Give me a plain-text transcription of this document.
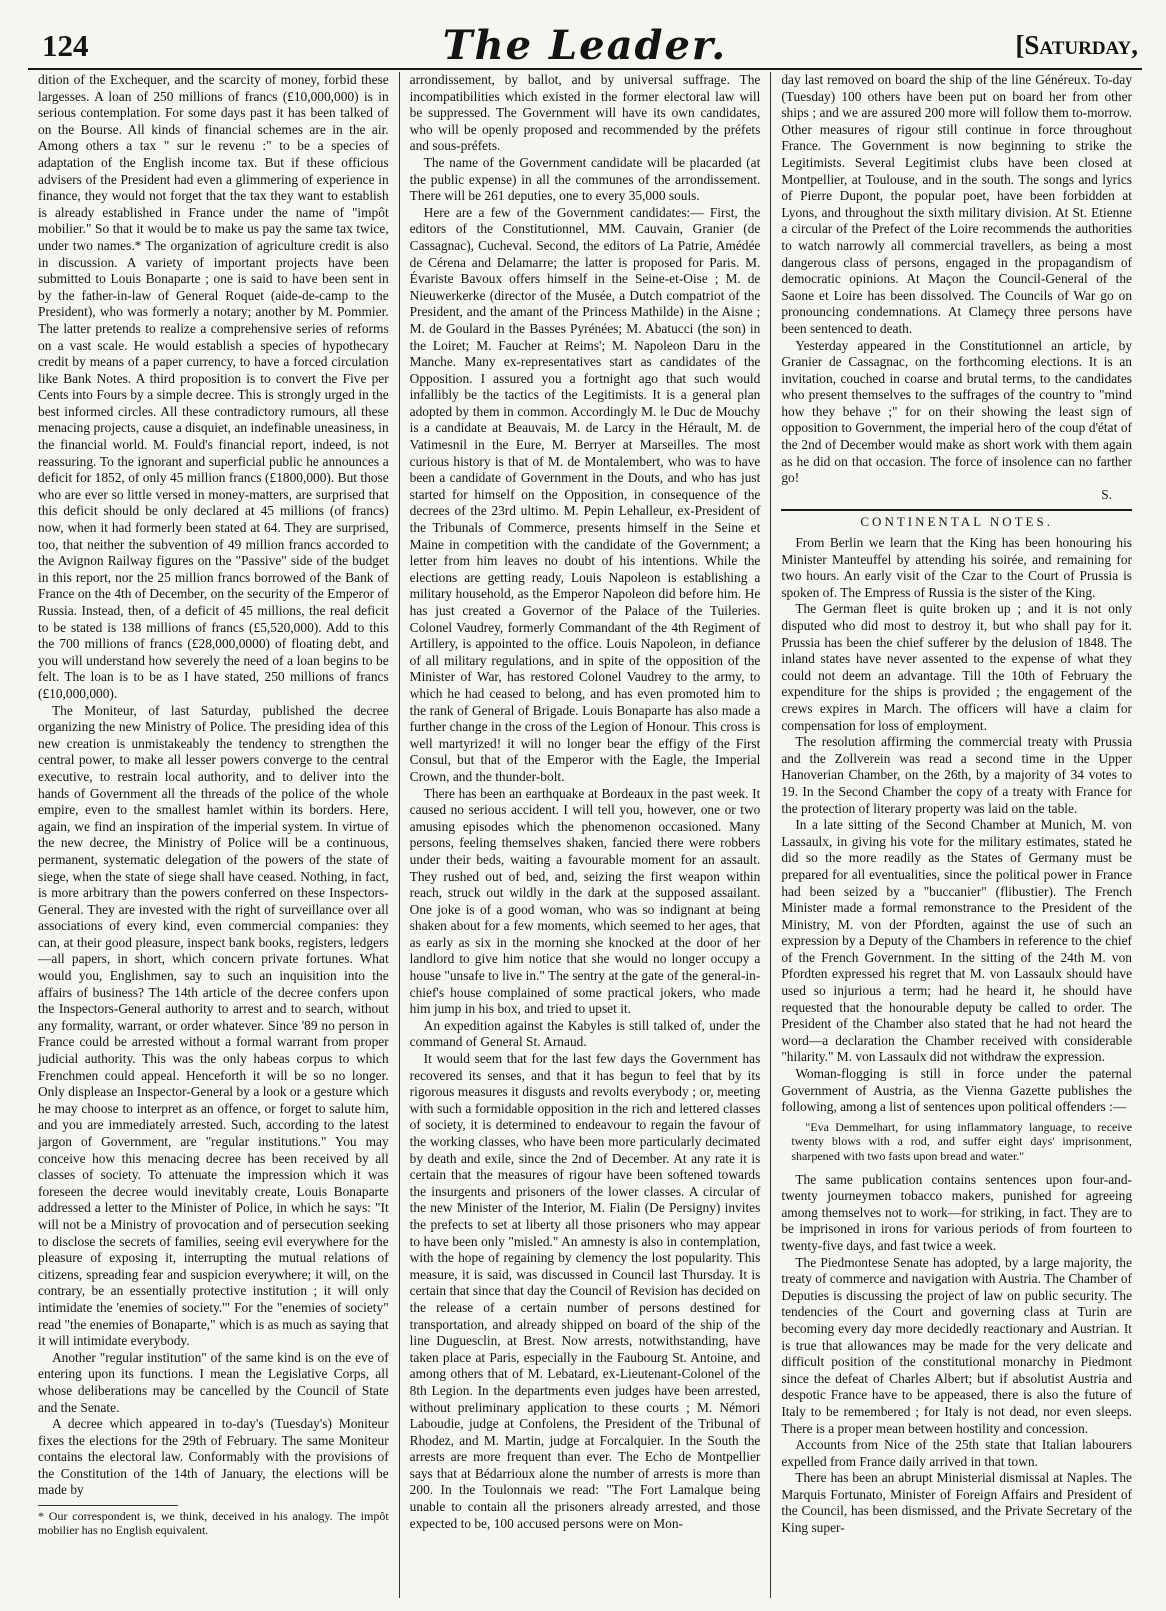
124	The Leader.	[Saturday,

dition of the Exchequer, and the scarcity of money, forbid these largesses. A loan of 250 millions of francs (£10,000,000) is in serious contemplation. For some days past it has been talked of on the Bourse. All kinds of financial schemes are in the air. Among others a tax " sur le revenu :" to be a species of adaptation of the English income tax. But if these officious advisers of the President had even a glimmering of experience in finance, they would not forget that the tax they want to establish is already established in France under the name of "impôt mobilier." So that it would be to make us pay the same tax twice, under two names.* The organization of agriculture credit is also in discussion. A variety of important projects have been submitted to Louis Bonaparte ; one is said to have been sent in by the father-in-law of General Roquet (aide-de-camp to the President), who was formerly a notary; another by M. Pommier. The latter pretends to realize a comprehensive series of reforms on a vast scale. He would establish a species of hypothecary credit by means of a paper currency, to have a forced circulation like Bank Notes. A third proposition is to convert the Five per Cents into Fours by a simple decree. This is strongly urged in the best informed circles. All these contradictory rumours, all these menacing projects, cause a disquiet, an indefinable uneasiness, in the financial world. M. Fould's financial report, indeed, is not reassuring. To the ignorant and superficial public he announces a deficit for 1852, of only 45 million francs (£1800,000). But those who are ever so little versed in money-matters, are surprised that this deficit should be only declared at 45 millions (of francs) now, when it had formerly been stated at 64. They are surprised, too, that neither the subvention of 49 million francs accorded to the Avignon Railway figures on the "Passive" side of the budget in this report, nor the 25 million francs borrowed of the Bank of France on the 4th of December, on the security of the Emperor of Russia. Instead, then, of a deficit of 45 millions, the real deficit to be stated is 138 millions of francs (£5,520,000). Add to this the 700 millions of francs (£28,000,0000) of floating debt, and you will understand how severely the need of a loan begins to be felt. The loan is to be as I have stated, 250 millions of francs (£10,000,000).

The Moniteur, of last Saturday, published the decree organizing the new Ministry of Police. The presiding idea of this new creation is unmistakeably the tendency to strengthen the central power, to make all lesser powers converge to the central executive, to restrain local authority, and to deliver into the hands of Government all the threads of the police of the whole empire, even to the smallest hamlet within its borders. Here, again, we find an inspiration of the imperial system. In virtue of the new decree, the Ministry of Police will be a continuous, permanent, systematic delegation of the powers of the state of siege, when the state of siege shall have ceased. Nothing, in fact, is more arbitrary than the powers conferred on these Inspectors-General. They are invested with the right of surveillance over all associations of every kind, even commercial companies: they can, at their good pleasure, inspect bank books, registers, ledgers—all papers, in short, which concern private fortunes. What would you, Englishmen, say to such an inquisition into the affairs of business? The 14th article of the decree confers upon the Inspectors-General authority to arrest and to search, without any formality, warrant, or order whatever. Since '89 no person in France could be arrested without a formal warrant from proper judicial authority. This was the only habeas corpus to which Frenchmen could appeal. Henceforth it will be so no longer. Only displease an Inspector-General by a look or a gesture which he may choose to interpret as an offence, or forget to salute him, and you are immediately arrested. Such, according to the latest jargon of Government, are "regular institutions." You may conceive how this menacing decree has been received by all classes of society. To attenuate the impression which it was foreseen the decree would inevitably create, Louis Bonaparte addressed a letter to the Minister of Police, in which he says: "It will not be a Ministry of provocation and of persecution seeking to disclose the secrets of families, seeing evil everywhere for the pleasure of exposing it, interrupting the mutual relations of citizens, spreading fear and suspicion everywhere; it will, on the contrary, be an essentially protective institution ; it will only intimidate the 'enemies of society.'" For the "enemies of society" read "the enemies of Bonaparte," which is as much as saying that it will intimidate everybody.

Another "regular institution" of the same kind is on the eve of entering upon its functions. I mean the Legislative Corps, all whose deliberations may be cancelled by the Council of State and the Senate.

A decree which appeared in to-day's (Tuesday's) Moniteur fixes the elections for the 29th of February. The same Moniteur contains the electoral law. Conformably with the provisions of the Constitution of the 14th of January, the elections will be made by

* Our correspondent is, we think, deceived in his analogy. The impôt mobilier has no English equivalent.

arrondissement, by ballot, and by universal suffrage. The incompatibilities which existed in the former electoral law will be suppressed. The Government will have its own candidates, who will be openly proposed and recommended by the préfets and sous-préfets.

The name of the Government candidate will be placarded (at the public expense) in all the communes of the arrondissement. There will be 261 deputies, one to every 35,000 souls.

Here are a few of the Government candidates:— First, the editors of the Constitutionnel, MM. Cauvain, Granier (de Cassagnac), Cucheval. Second, the editors of La Patrie, Amédée de Cérena and Delamarre; the latter is proposed for Paris. M. Évariste Bavoux offers himself in the Seine-et-Oise ; M. de Nieuwerkerke (director of the Musée, a Dutch compatriot of the President, and the amant of the Princess Mathilde) in the Aisne ; M. de Goulard in the Basses Pyrénées; M. Abatucci (the son) in the Loiret; M. Faucher at Reims'; M. Napoleon Daru in the Manche. Many ex-representatives start as candidates of the Opposition. I assured you a fortnight ago that such would infallibly be the tactics of the Legitimists. It is a general plan adopted by them in common. Accordingly M. le Duc de Mouchy is a candidate at Beauvais, M. de Larcy in the Hérault, M. de Vatimesnil in the Eure, M. Berryer at Marseilles. The most curious history is that of M. de Montalembert, who was to have been a candidate of Government in the Douts, and who has just started for himself on the Opposition, in consequence of the decrees of the 23rd ultimo. M. Pepin Lehalleur, ex-President of the Tribunals of Commerce, presents himself in the Seine et Maine in competition with the candidate of the Government; a letter from him leaves no doubt of his intentions. While the elections are getting ready, Louis Napoleon is establishing a military household, as the Emperor Napoleon did before him. He has just created a Governor of the Palace of the Tuileries. Colonel Vaudrey, formerly Commandant of the 4th Regiment of Artillery, is appointed to the office. Louis Napoleon, in defiance of all military regulations, and in spite of the opposition of the Minister of War, has restored Colonel Vaudrey to the army, to which he had ceased to belong, and has even promoted him to the rank of General of Brigade. Louis Bonaparte has also made a further change in the cross of the Legion of Honour. This cross is well martyrized! it will no longer bear the effigy of the First Consul, but that of the Emperor with the Eagle, the Imperial Crown, and the thunder-bolt.

There has been an earthquake at Bordeaux in the past week. It caused no serious accident. I will tell you, however, one or two amusing episodes which the phenomenon occasioned. Many persons, feeling themselves shaken, fancied there were robbers under their beds, waiting a favourable moment for an assault. They rushed out of bed, and, seizing the first weapon within reach, struck out wildly in the dark at the supposed assailant. One joke is of a good woman, who was so indignant at being shaken about for a few moments, which seemed to her ages, that as early as six in the morning she knocked at the door of her landlord to give him notice that she would no longer occupy a house "unsafe to live in." The sentry at the gate of the general-in-chief's house complained of some practical jokers, who made him jump in his box, and tried to upset it.

An expedition against the Kabyles is still talked of, under the command of General St. Arnaud.

It would seem that for the last few days the Government has recovered its senses, and that it has begun to feel that by its rigorous measures it disgusts and revolts everybody ; or, meeting with such a formidable opposition in the rich and lettered classes of society, it is determined to endeavour to regain the favour of the working classes, who have been more particularly decimated by death and exile, since the 2nd of December. At any rate it is certain that the measures of rigour have been softened towards the insurgents and prisoners of the lower classes. A circular of the new Minister of the Interior, M. Fialin (De Persigny) invites the prefects to set at liberty all those prisoners who may appear to have been only "misled." An amnesty is also in contemplation, with the hope of regaining by clemency the lost popularity. This measure, it is said, was discussed in Council last Thursday. It is certain that since that day the Council of Revision has decided on the release of a certain number of persons destined for transportation, and already shipped on board of the ship of the line Duguesclin, at Brest. Now arrests, notwithstanding, have taken place at Paris, especially in the Faubourg St. Antoine, and among others that of M. Lebatard, ex-Lieutenant-Colonel of the 8th Legion. In the departments even judges have been arrested, without preliminary application to these courts ; M. Némori Laboudie, judge at Confolens, the President of the Tribunal of Rhodez, and M. Martin, judge at Forcalquier. In the South the arrests are more frequent than ever. The Echo de Montpellier says that at Bédarrioux alone the number of arrests is more than 200. In the Toulonnais we read: "The Fort Lamalque being unable to contain all the prisoners already arrested, and those expected to be, 100 accused persons were on Mon-

day last removed on board the ship of the line Généreux. To-day (Tuesday) 100 others have been put on board her from other ships ; and we are assured 200 more will follow them to-morrow. Other measures of rigour still continue in force throughout France. The Government is now beginning to strike the Legitimists. Several Legitimist clubs have been closed at Montpellier, at Toulouse, and in the south. The songs and lyrics of Pierre Dupont, the popular poet, have been forbidden at Lyons, and throughout the sixth military division. At St. Etienne a circular of the Prefect of the Loire recommends the authorities to watch narrowly all commercial travellers, as being a most dangerous class of persons, engaged in the propagandism of democratic opinions. At Maçon the Council-General of the Saone et Loire has been dissolved. The Councils of War go on pronouncing condemnations. At Clameçy three persons have been sentenced to death.

Yesterday appeared in the Constitutionnel an article, by Granier de Cassagnac, on the forthcoming elections. It is an invitation, couched in coarse and brutal terms, to the candidates who present themselves to the suffrages of the country to "mind how they behave ;" for on their showing the least sign of opposition to Government, the imperial hero of the coup d'état of the 2nd of December would make as short work with them again as he did on that occasion. The force of insolence can no farther go!

S.
CONTINENTAL NOTES.

From Berlin we learn that the King has been honouring his Minister Manteuffel by attending his soirée, and remaining for two hours. An early visit of the Czar to the Court of Prussia is spoken of. The Empress of Russia is the sister of the King.

The German fleet is quite broken up ; and it is not only disputed who did most to destroy it, but who shall pay for it. Prussia has been the chief sufferer by the delusion of 1848. The inland states have never assented to the expense of what they could not deem an advantage. Till the 10th of February the expenditure for the ships is provided ; the engagement of the crews expires in March. The officers will have a claim for compensation for loss of employment.

The resolution affirming the commercial treaty with Prussia and the Zollverein was read a second time in the Upper Hanoverian Chamber, on the 26th, by a majority of 34 votes to 19. In the Second Chamber the copy of a treaty with France for the protection of literary property was laid on the table.

In a late sitting of the Second Chamber at Munich, M. von Lassaulx, in giving his vote for the military estimates, stated he did so the more readily as the States of Germany must be prepared for all eventualities, since the political power in France had been seized by a "buccanier" (flibustier). The French Minister made a formal remonstrance to the President of the Ministry, M. von der Pfordten, against the use of such an expression by a Deputy of the Chambers in reference to the chief of the French Government. In the sitting of the 24th M. von Pfordten expressed his regret that M. von Lassaulx should have used so injurious a term; had he heard it, he should have requested that the honourable deputy be called to order. The President of the Chamber also stated that he had not heard the word—a declaration the Chamber received with considerable "hilarity." M. von Lassaulx did not withdraw the expression.

Woman-flogging is still in force under the paternal Government of Austria, as the Vienna Gazette publishes the following, among a list of sentences upon political offenders :—

"Eva Demmelhart, for using inflammatory language, to receive twenty blows with a rod, and suffer eight days' imprisonment, sharpened with two fasts upon bread and water."

The same publication contains sentences upon four-and-twenty journeymen tobacco makers, punished for agreeing among themselves not to work—for striking, in fact. They are to be imprisoned in irons for various periods of from fourteen to twenty-five days, and fast twice a week.

The Piedmontese Senate has adopted, by a large majority, the treaty of commerce and navigation with Austria. The Chamber of Deputies is discussing the project of law on public security. The tendencies of the Court and governing class at Turin are becoming every day more decidedly reactionary and Austrian. It is true that allowances may be made for the very delicate and difficult position of the constitutional monarchy in Piedmont since the defeat of Charles Albert; but if absolutist Austria and despotic France have to be appeased, there is also the future of Italy to be remembered ; for Italy is not dead, nor even sleeps. There is a proper mean between hostility and concession.

Accounts from Nice of the 25th state that Italian labourers expelled from France daily arrived in that town.

There has been an abrupt Ministerial dismissal at Naples. The Marquis Fortunato, Minister of Foreign Affairs and President of the Council, has been dismissed, and the Private Secretary of the King super-
